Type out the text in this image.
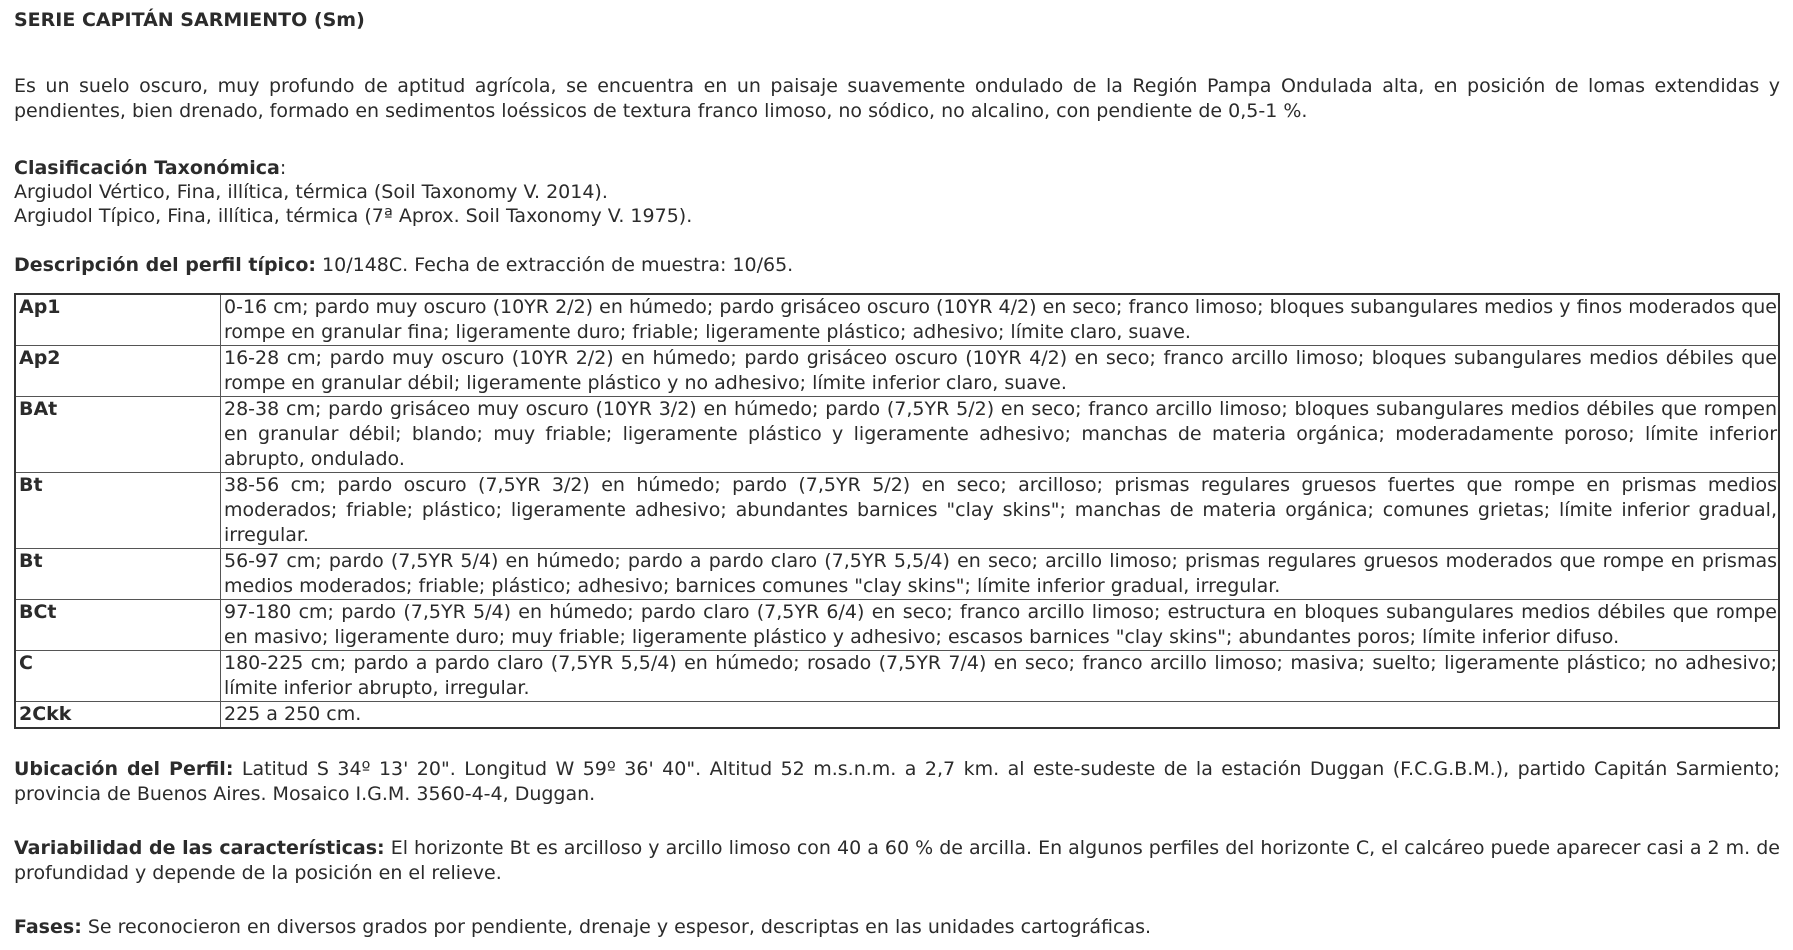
SERIE CAPITÁN SARMIENTO (Sm)

Es un suelo oscuro, muy profundo de aptitud agrícola, se encuentra en un paisaje suavemente ondulado de la Región Pampa Ondulada alta, en posición de lomas extendidas y pendientes, bien drenado, formado en sedimentos loéssicos de textura franco limoso, no sódico, no alcalino, con pendiente de 0,5-1 %.

Clasificación Taxonómica:
Argiudol Vértico, Fina, illítica, térmica (Soil Taxonomy V. 2014).
Argiudol Típico, Fina, illítica, térmica (7ª Aprox. Soil Taxonomy V. 1975).

Descripción del perfil típico: 10/148C. Fecha de extracción de muestra: 10/65.

Ap1	0-16 cm; pardo muy oscuro (10YR 2/2) en húmedo; pardo grisáceo oscuro (10YR 4/2) en seco; franco limoso; bloques subangulares medios y finos moderados que rompe en granular fina; ligeramente duro; friable; ligeramente plástico; adhesivo; límite claro, suave.
Ap2	16-28 cm; pardo muy oscuro (10YR 2/2) en húmedo; pardo grisáceo oscuro (10YR 4/2) en seco; franco arcillo limoso; bloques subangulares medios débiles que rompe en granular débil; ligeramente plástico y no adhesivo; límite inferior claro, suave.
BAt	28-38 cm; pardo grisáceo muy oscuro (10YR 3/2) en húmedo; pardo (7,5YR 5/2) en seco; franco arcillo limoso; bloques subangulares medios débiles que rompen en granular débil; blando; muy friable; ligeramente plástico y ligeramente adhesivo; manchas de materia orgánica; moderadamente poroso; límite inferior abrupto, ondulado.
Bt	38-56 cm; pardo oscuro (7,5YR 3/2) en húmedo; pardo (7,5YR 5/2) en seco; arcilloso; prismas regulares gruesos fuertes que rompe en prismas medios moderados; friable; plástico; ligeramente adhesivo; abundantes barnices "clay skins"; manchas de materia orgánica; comunes grietas; límite inferior gradual, irregular.
Bt	56-97 cm; pardo (7,5YR 5/4) en húmedo; pardo a pardo claro (7,5YR 5,5/4) en seco; arcillo limoso; prismas regulares gruesos moderados que rompe en prismas medios moderados; friable; plástico; adhesivo; barnices comunes "clay skins"; límite inferior gradual, irregular.
BCt	97-180 cm; pardo (7,5YR 5/4) en húmedo; pardo claro (7,5YR 6/4) en seco; franco arcillo limoso; estructura en bloques subangulares medios débiles que rompe en masivo; ligeramente duro; muy friable; ligeramente plástico y adhesivo; escasos barnices "clay skins"; abundantes poros; límite inferior difuso.
C	180-225 cm; pardo a pardo claro (7,5YR 5,5/4) en húmedo; rosado (7,5YR 7/4) en seco; franco arcillo limoso; masiva; suelto; ligeramente plástico; no adhesivo; límite inferior abrupto, irregular.
2Ckk	225 a 250 cm.

Ubicación del Perfil: Latitud S 34º 13' 20". Longitud W 59º 36' 40". Altitud 52 m.s.n.m. a 2,7 km. al este-sudeste de la estación Duggan (F.C.G.B.M.), partido Capitán Sarmiento; provincia de Buenos Aires. Mosaico I.G.M. 3560-4-4, Duggan.

Variabilidad de las características: El horizonte Bt es arcilloso y arcillo limoso con 40 a 60 % de arcilla. En algunos perfiles del horizonte C, el calcáreo puede aparecer casi a 2 m. de profundidad y depende de la posición en el relieve.

Fases: Se reconocieron en diversos grados por pendiente, drenaje y espesor, descriptas en las unidades cartográficas.
